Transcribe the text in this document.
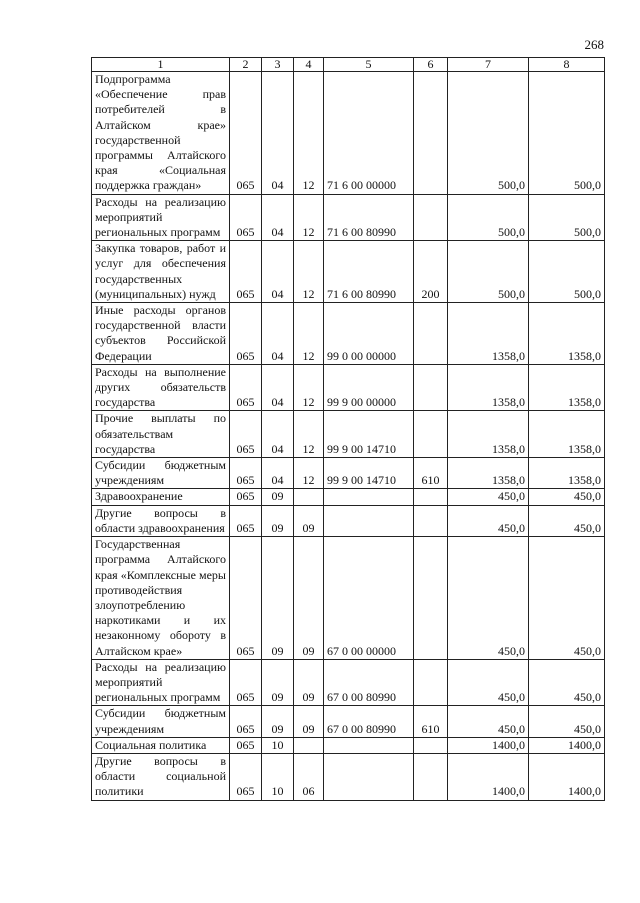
268
1	2	3	4	5	6	7	8
Подпрограмма «Обеспечение прав потребителей в Алтайском крае» государственной программы Алтайского края «Социальная поддержка граждан»	065	04	12	71 6 00 00000		500,0	500,0
Расходы на реализацию мероприятий региональных программ	065	04	12	71 6 00 80990		500,0	500,0
Закупка товаров, работ и услуг для обеспечения государственных (муниципальных) нужд	065	04	12	71 6 00 80990	200	500,0	500,0
Иные расходы органов государственной власти субъектов Российской Федерации	065	04	12	99 0 00 00000		1358,0	1358,0
Расходы на выполнение других обязательств государства	065	04	12	99 9 00 00000		1358,0	1358,0
Прочие выплаты по обязательствам государства	065	04	12	99 9 00 14710		1358,0	1358,0
Субсидии бюджетным учреждениям	065	04	12	99 9 00 14710	610	1358,0	1358,0
Здравоохранение	065	09				450,0	450,0
Другие вопросы в области здравоохранения	065	09	09			450,0	450,0
Государственная программа Алтайского края «Комплексные меры противодействия злоупотреблению наркотиками и их незаконному обороту в Алтайском крае»	065	09	09	67 0 00 00000		450,0	450,0
Расходы на реализацию мероприятий региональных программ	065	09	09	67 0 00 80990		450,0	450,0
Субсидии бюджетным учреждениям	065	09	09	67 0 00 80990	610	450,0	450,0
Социальная политика	065	10				1400,0	1400,0
Другие вопросы в области социальной политики	065	10	06			1400,0	1400,0
